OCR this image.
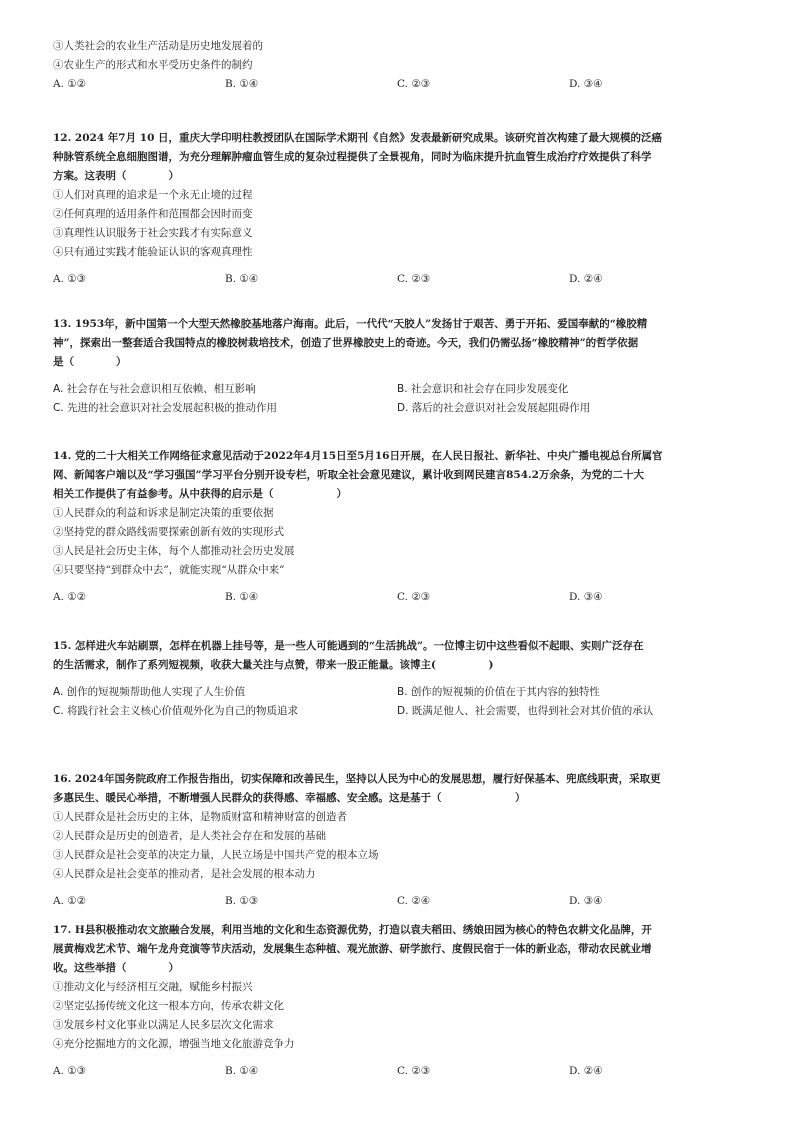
③人类社会的农业生产活动是历史地发展着的
④农业生产的形式和水平受历史条件的制约
A. ①②	B. ①④	C. ②③	D. ③④
12. 2024 年7月 10 日，重庆大学印明柱教授团队在国际学术期刊《自然》发表最新研究成果。该研究首次构建了最大规模的泛癌
种脉管系统全息细胞图谱，为充分理解肿瘤血管生成的复杂过程提供了全景视角，同时为临床提升抗血管生成治疗疗效提供了科学
方案。这表明（　　　　）
①人们对真理的追求是一个永无止境的过程
②任何真理的适用条件和范围都会因时而变
③真理性认识服务于社会实践才有实际意义
④只有通过实践才能验证认识的客观真理性
A. ①③	B. ①④	C. ②③	D. ②④
13. 1953年，新中国第一个大型天然橡胶基地落户海南。此后，一代代“天胶人”发扬甘于艰苦、勇于开拓、爱国奉献的“橡胶精
神”，探索出一整套适合我国特点的橡胶树栽培技术，创造了世界橡胶史上的奇迹。今天，我们仍需弘扬“橡胶精神”的哲学依据
是（　　　　）
A. 社会存在与社会意识相互依赖、相互影响	B. 社会意识和社会存在同步发展变化
C. 先进的社会意识对社会发展起积极的推动作用	D. 落后的社会意识对社会发展起阻碍作用
14. 党的二十大相关工作网络征求意见活动于2022年4月15日至5月16日开展，在人民日报社、新华社、中央广播电视总台所属官
网、新闻客户端以及“学习强国”学习平台分别开设专栏，听取全社会意见建议，累计收到网民建言854.2万余条，为党的二十大
相关工作提供了有益参考。从中获得的启示是（　　　　　　）
①人民群众的利益和诉求是制定决策的重要依据
②坚持党的群众路线需要探索创新有效的实现形式
③人民是社会历史主体，每个人都推动社会历史发展
④只要坚持“到群众中去”，就能实现“从群众中来”
A. ①②	B. ①④	C. ②③	D. ③④
15. 怎样进火车站刷票，怎样在机器上挂号等，是一些人可能遇到的“生活挑战”。一位博主切中这些看似不起眼、实则广泛存在
的生活需求，制作了系列短视频，收获大量关注与点赞，带来一股正能量。该博主(　　　　　)
A. 创作的短视频帮助他人实现了人生价值	B. 创作的短视频的价值在于其内容的独特性
C. 将践行社会主义核心价值观外化为自己的物质追求	D. 既满足他人、社会需要，也得到社会对其价值的承认
16. 2024年国务院政府工作报告指出，切实保障和改善民生，坚持以人民为中心的发展思想，履行好保基本、兜底线职责，采取更
多惠民生、暖民心举措，不断增强人民群众的获得感、幸福感、安全感。这是基于（　　　　　　　）
①人民群众是社会历史的主体，是物质财富和精神财富的创造者
②人民群众是历史的创造者，是人类社会存在和发展的基础
③人民群众是社会变革的决定力量，人民立场是中国共产党的根本立场
④人民群众是社会变革的推动者，是社会发展的根本动力
A. ①②	B. ①③	C. ②④	D. ③④
17. H县积极推动农文旅融合发展，利用当地的文化和生态资源优势，打造以袁夫稻田、绣娘田园为核心的特色农耕文化品牌，开
展黄梅戏艺术节、端午龙舟竞演等节庆活动，发展集生态种植、观光旅游、研学旅行、度假民宿于一体的新业态，带动农民就业增
收。这些举措（　　　　）
①推动文化与经济相互交融，赋能乡村振兴
②坚定弘扬传统文化这一根本方向，传承农耕文化
③发展乡村文化事业以满足人民多层次文化需求
④充分挖掘地方的文化源，增强当地文化旅游竞争力
A. ①③	B. ①④	C. ②③	D. ②④
